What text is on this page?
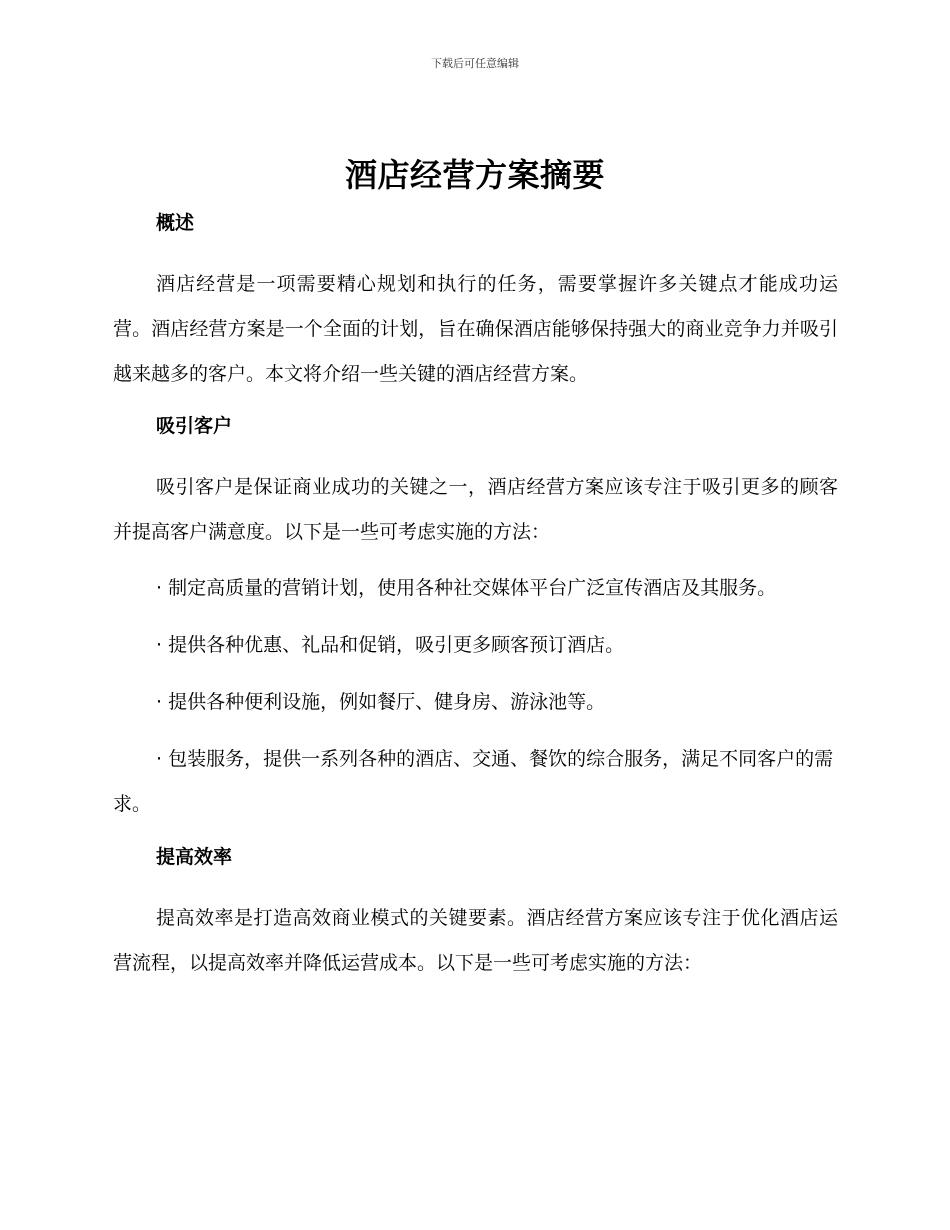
下载后可任意编辑
酒店经营方案摘要
概述

酒店经营是一项需要精心规划和执行的任务，需要掌握许多关键点才能成功运营。酒店经营方案是一个全面的计划，旨在确保酒店能够保持强大的商业竞争力并吸引越来越多的客户。本文将介绍一些关键的酒店经营方案。

吸引客户

吸引客户是保证商业成功的关键之一，酒店经营方案应该专注于吸引更多的顾客并提高客户满意度。以下是一些可考虑实施的方法：

· 制定高质量的营销计划，使用各种社交媒体平台广泛宣传酒店及其服务。

· 提供各种优惠、礼品和促销，吸引更多顾客预订酒店。

· 提供各种便利设施，例如餐厅、健身房、游泳池等。

· 包装服务，提供一系列各种的酒店、交通、餐饮的综合服务，满足不同客户的需求。

提高效率

提高效率是打造高效商业模式的关键要素。酒店经营方案应该专注于优化酒店运营流程，以提高效率并降低运营成本。以下是一些可考虑实施的方法：
